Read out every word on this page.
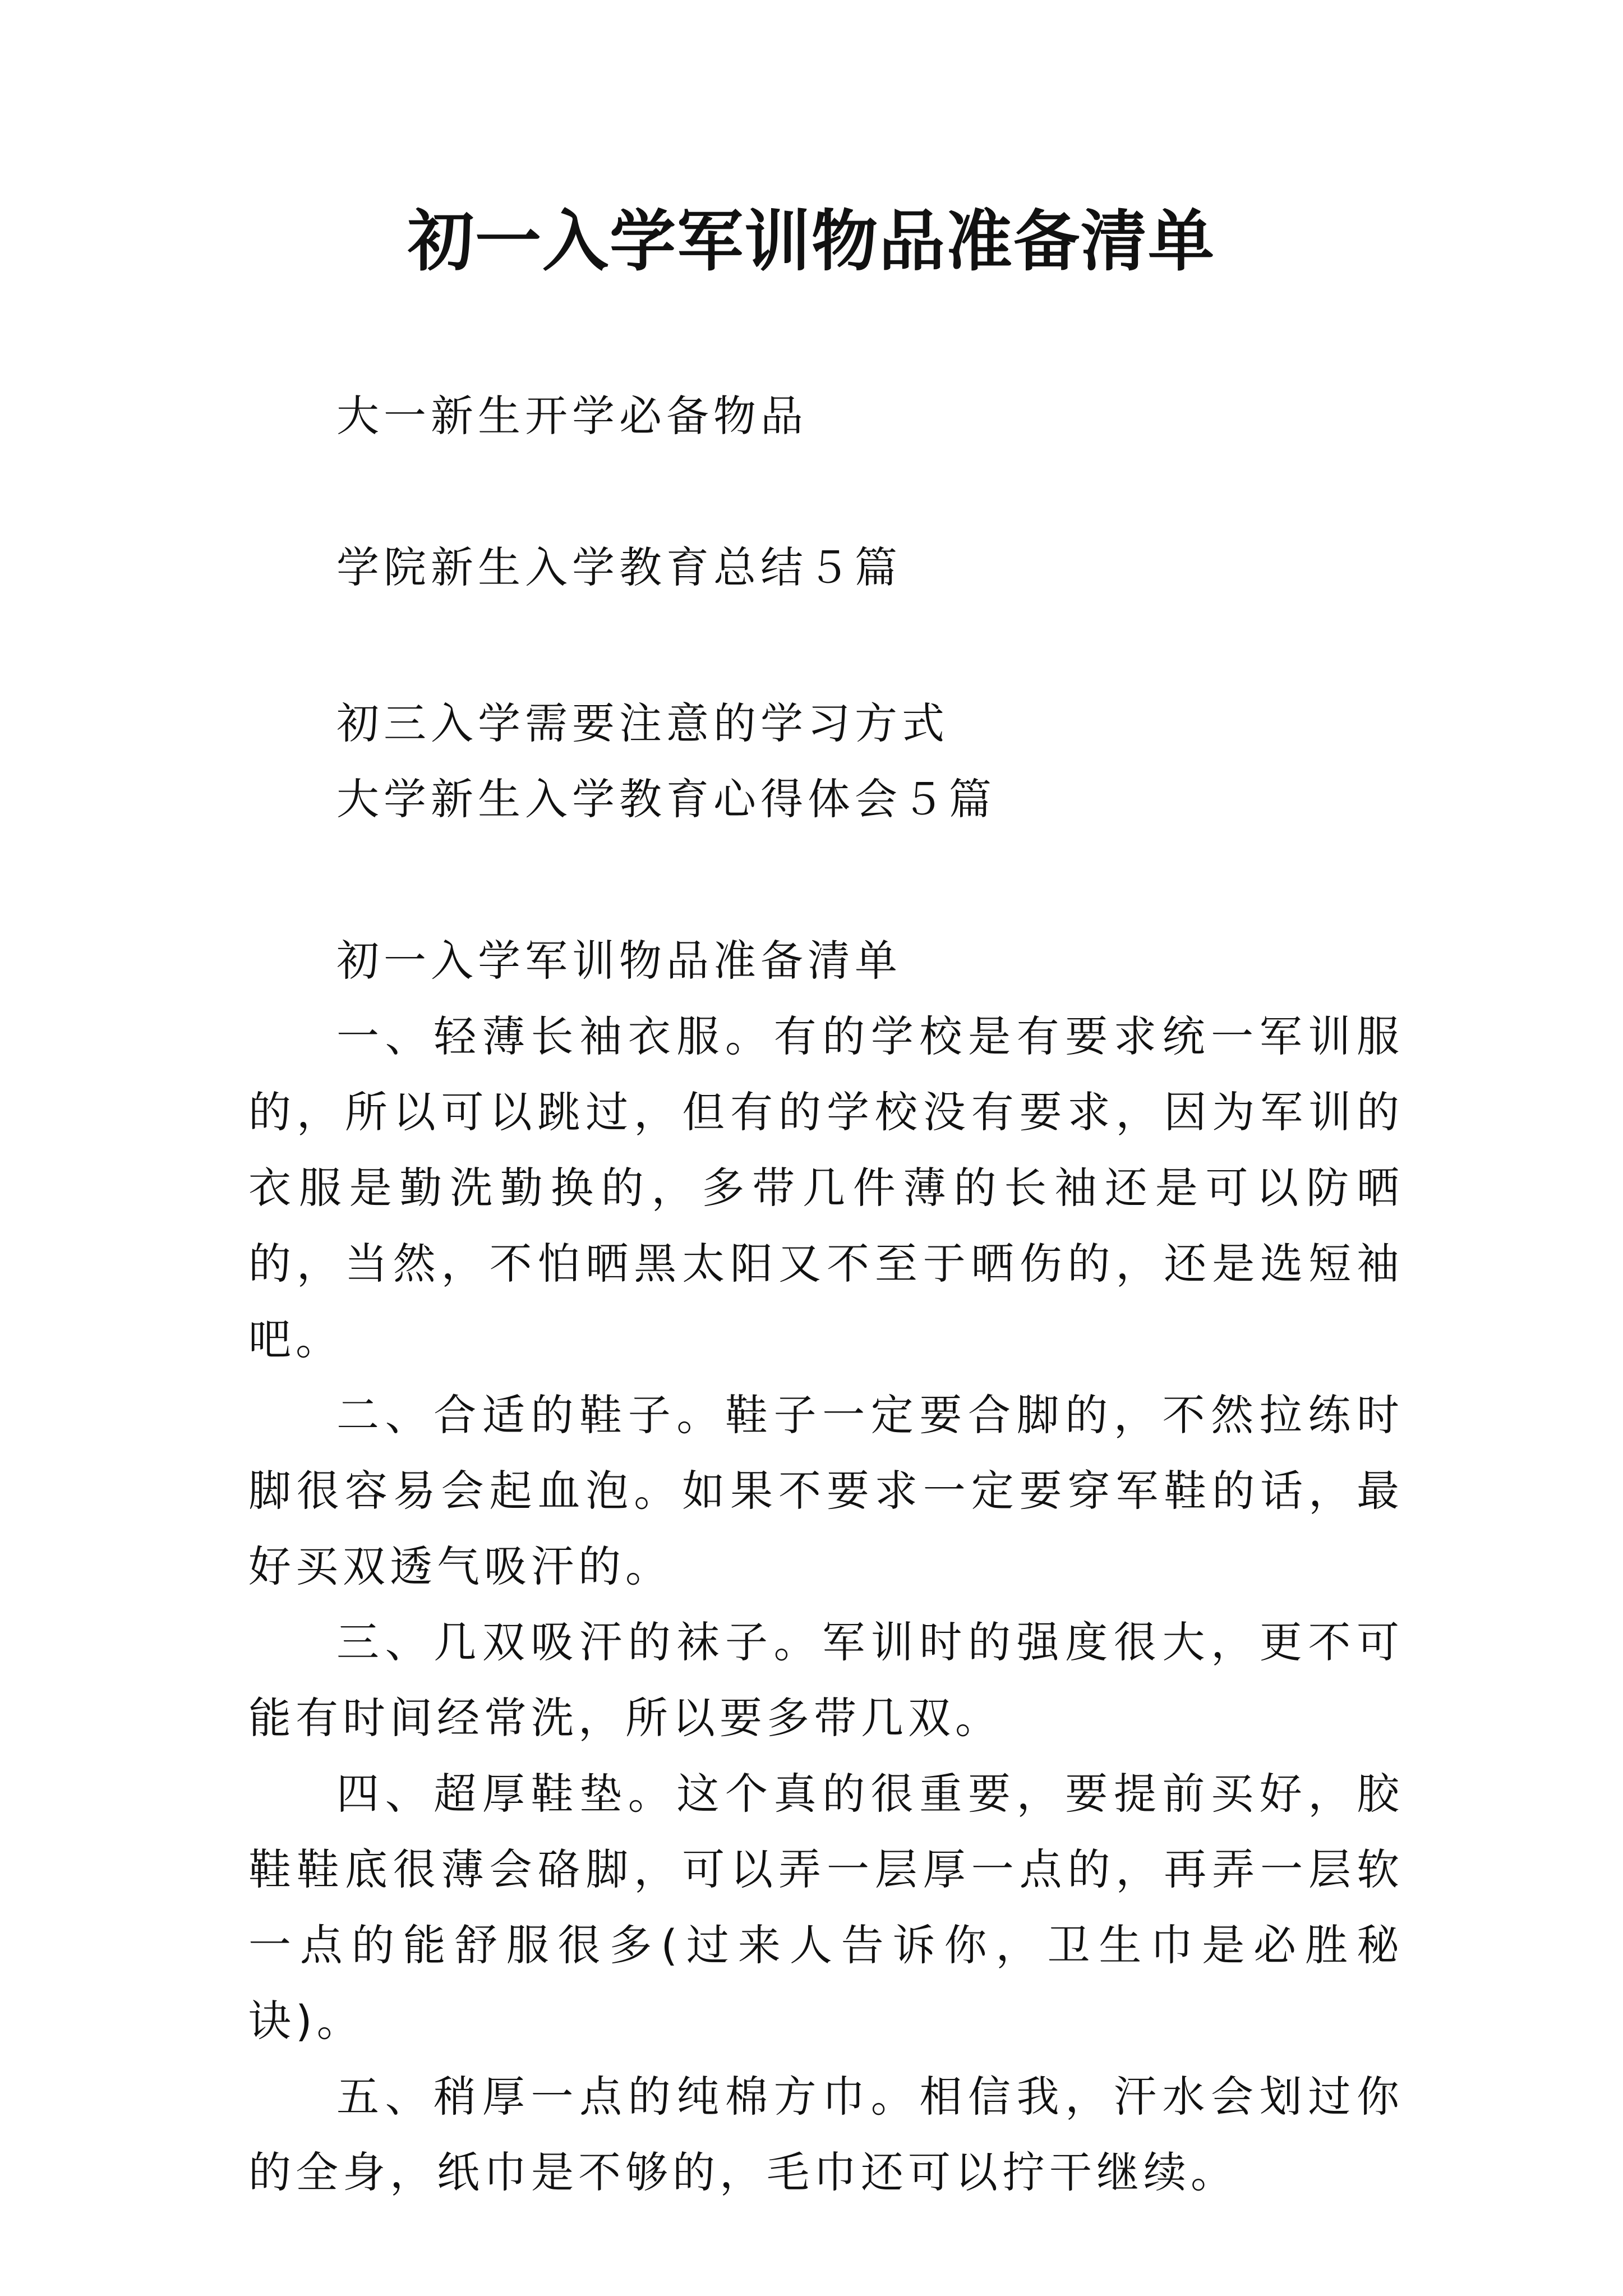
初一入学军训物品准备清单
大一新生开学必备物品
学院新生入学教育总结５篇
初三入学需要注意的学习方式
大学新生入学教育心得体会５篇

初一入学军训物品准备清单

一、轻薄长袖衣服。有的学校是有要求统一军训服的，所以可以跳过，但有的学校没有要求，因为军训的衣服是勤洗勤换的，多带几件薄的长袖还是可以防晒的，当然，不怕晒黑太阳又不至于晒伤的，还是选短袖吧。

二、合适的鞋子。鞋子一定要合脚的，不然拉练时脚很容易会起血泡。如果不要求一定要穿军鞋的话，最好买双透气吸汗的。

三、几双吸汗的袜子。军训时的强度很大，更不可能有时间经常洗，所以要多带几双。

四、超厚鞋垫。这个真的很重要，要提前买好，胶鞋鞋底很薄会硌脚，可以弄一层厚一点的，再弄一层软一点的能舒服很多(过来人告诉你，卫生巾是必胜秘诀)。

五、稍厚一点的纯棉方巾。相信我，汗水会划过你的全身，纸巾是不够的，毛巾还可以拧干继续。
